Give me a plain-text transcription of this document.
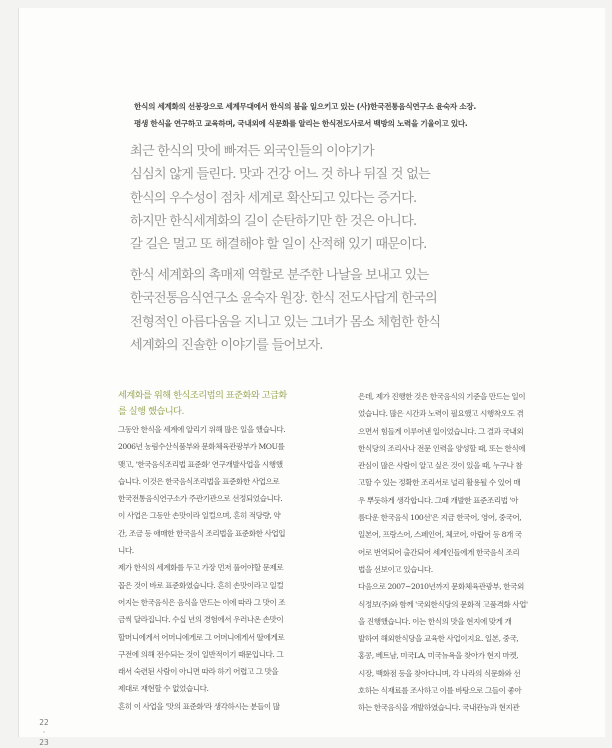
한식의 세계화의 선봉장으로 세계무대에서 한식의 붐을 일으키고 있는 (사)한국전통음식연구소 윤숙자 소장.
평생 한식을 연구하고 교육하며, 국내외에 식문화를 알리는 한식전도사로서 백방의 노력을 기울이고 있다.
최근 한식의 맛에 빠져든 외국인들의 이야기가
심심치 않게 들린다. 맛과 건강 어느 것 하나 뒤질 것 없는
한식의 우수성이 점차 세계로 확산되고 있다는 증거다.
하지만 한식세계화의 길이 순탄하기만 한 것은 아니다.
갈 길은 멀고 또 해결해야 할 일이 산적해 있기 때문이다.
한식 세계화의 촉매제 역할로 분주한 나날을 보내고 있는
한국전통음식연구소 윤숙자 원장. 한식 전도사답게 한국의
전형적인 아름다움을 지니고 있는 그녀가 몸소 체험한 한식
세계화의 진솔한 이야기를 들어보자.
세계화를 위해 한식조리법의 표준화와 고급화
를 실행 했습니다.
그동안 한식을 세계에 알리기 위해 많은 일을 했습니다.
2006년 농림수산식품부와 문화체육관광부가 MOU를
맺고, '한국음식조리법 표준화' 연구개발사업을 시행했
습니다. 이것은 한국음식조리법을 표준화한 사업으로
한국전통음식연구소가 주관기관으로 선정되었습니다.
이 사업은 그동안 손맛이라 일컬으며, 흔히 적당량, 약
간, 조금 등 애매한 한국음식 조리법을 표준화한 사업입
니다.
제가 한식의 세계화를 두고 가장 먼저 풀어야할 문제로
꼽은 것이 바로 표준화였습니다. 흔히 손맛이라고 일컬
어지는 한국음식은 음식을 만드는 이에 따라 그 맛이 조
금씩 달라집니다. 수십 년의 경험에서 우러나온 손맛이
할머니에게서 어머니에게로 그 어머니에게서 딸에게로
구전에 의해 전수되는 것이 일반적이기 때문입니다. 그
래서 숙련된 사람이 아니면 따라 하기 어렵고 그 맛을
제대로 재현할 수 없었습니다.
흔히 이 사업을 '맛의 표준화'라 생각하시는 분들이 많
은데, 제가 진행한 것은 한국음식의 기준을 만드는 일이
었습니다. 많은 시간과 노력이 필요했고 시행착오도 겪
으면서 힘들게 이루어낸 일이었습니다. 그 결과 국내외
한식당의 조리사나 전문 인력을 양성할 때, 또는 한식에
관심이 많은 사람이 알고 싶은 것이 있을 때, 누구나 참
고할 수 있는 정확한 조리서로 널리 활용될 수 있어 매
우 뿌듯하게 생각합니다. 그때 개발한 표준조리법 '아
름다운 한국음식 100선'은 지금 한국어, 영어, 중국어,
일본어, 프랑스어, 스페인어, 체코어, 아랍어 등 8개 국
어로 번역되어 출간되어 세계인들에게 한국음식 조리
법을 선보이고 있습니다.
다음으로 2007~2010년까지 문화체육관광부, 한국외
식정보(주)와 함께 '국외한식당의 문화적 고품격화 사업'
을 진행했습니다. 이는 한식의 맛을 현지에 맞게 개
발하여 해외한식당을 교육한 사업이지요. 일본, 중국,
홍콩, 베트남, 미국LA, 미국뉴욕을 찾아가 현지 마켓,
시장, 백화점 등을 찾아다니며, 각 나라의 식문화와 선
호하는 식재료를 조사하고 이를 바탕으로 그들이 좋아
하는 한국음식을 개발하였습니다. 국내관능과 현지관
22
·
23
